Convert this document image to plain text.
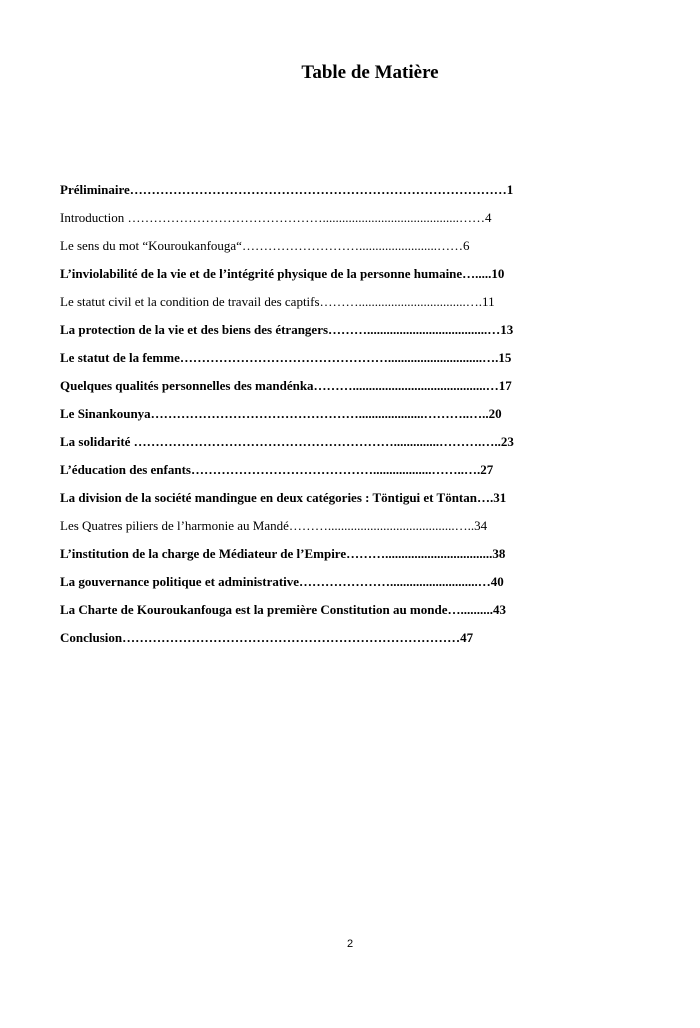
Table de Matière
Préliminaire……………………………………………………………………………1
Introduction ………………………………………..........................................……4
Le sens du mot “Kouroukanfouga“………………………........................……6
L’inviolabilité de la vie et de l’intégrité physique de la personne humaine….....10
Le statut civil et la condition de travail des captifs……….................................….11
La protection de la vie et des biens des étrangers……….....................................…13
Le statut de la femme………………………………………….............................….15
Quelques qualités personnelles des mandénka……….........................................…17
Le Sinankounya…………………………………………....................………..…..20
La solidarité ……………………………………………………..............……….…..23
L’éducation des enfants……………………………………..................……..….27
La division de la société mandingue en deux catégories : Töntigui et Töntan….31
Les Quatres piliers de l’harmonie au Mandé……….......................................…..34
L’institution de la charge de Médiateur de l’Empire……….................................38
La gouvernance politique et administrative…………………...........................…40
La Charte de Kouroukanfouga est la première Constitution au monde…..........43
Conclusion……………………………………………………………………47
2
